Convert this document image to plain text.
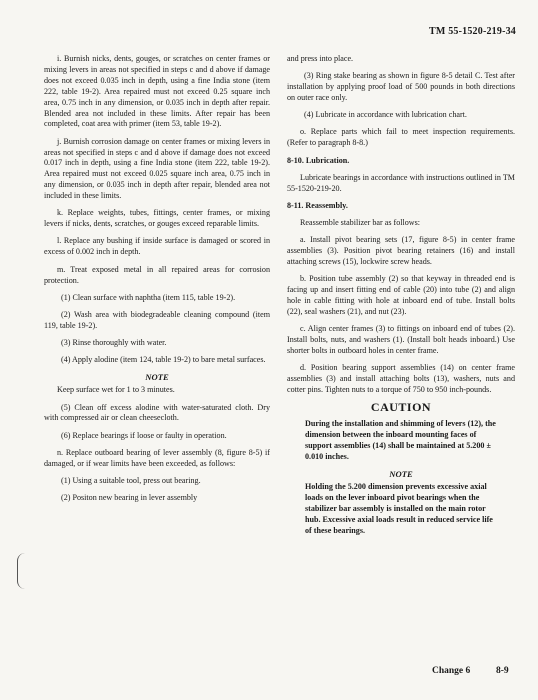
TM 55-1520-219-34

i. Burnish nicks, dents, gouges, or scratches on center frames or mixing levers in areas not specified in steps c and d above if damage does not exceed 0.035 inch in depth, using a fine India stone (item 222, table 19-2). Area repaired must not exceed 0.25 square inch area, 0.75 inch in any dimension, or 0.035 inch in depth after repair. Blended area not included in these limits. After repair has been completed, coat area with primer (item 53, table 19-2).

j. Burnish corrosion damage on center frames or mixing levers in areas not specified in steps c and d above if damage does not exceed 0.017 inch in depth, using a fine India stone (item 222, table 19-2). Area repaired must not exceed 0.025 square inch area, 0.75 inch in any dimension, or 0.035 inch in depth after repair, blended area not included in these limits.

k. Replace weights, tubes, fittings, center frames, or mixing levers if nicks, dents, scratches, or gouges exceed reparable limits.

l. Replace any bushing if inside surface is damaged or scored in excess of 0.002 inch in depth.

m. Treat exposed metal in all repaired areas for corrosion protection.

(1) Clean surface with naphtha (item 115, table 19-2).

(2) Wash area with biodegradeable cleaning compound (item 119, table 19-2).

(3) Rinse thoroughly with water.

(4) Apply alodine (item 124, table 19-2) to bare metal surfaces.

NOTE

Keep surface wet for 1 to 3 minutes.

(5) Clean off excess alodine with water-saturated cloth. Dry with compressed air or clean cheesecloth.

(6) Replace bearings if loose or faulty in operation.

n. Replace outboard bearing of lever assembly (8, figure 8-5) if damaged, or if wear limits have been exceeded, as follows:

(1) Using a suitable tool, press out bearing.

(2) Positon new bearing in lever assembly

and press into place.

(3) Ring stake bearing as shown in figure 8-5 detail C. Test after installation by applying proof load of 500 pounds in both directions on outer race only.

(4) Lubricate in accordance with lubrication chart.

o. Replace parts which fail to meet inspection requirements. (Refer to paragraph 8-8.)

8-10. Lubrication.

Lubricate bearings in accordance with instructions outlined in TM 55-1520-219-20.

8-11. Reassembly.

Reassemble stabilizer bar as follows:

a. Install pivot bearing sets (17, figure 8-5) in center frame assemblies (3). Position pivot bearing retainers (16) and install attaching screws (15), lockwire screw heads.

b. Position tube assembly (2) so that keyway in threaded end is facing up and insert fitting end of cable (20) into tube (2) and align hole in cable fitting with hole at inboard end of tube. Install bolts (22), seal washers (21), and nut (23).

c. Align center frames (3) to fittings on inboard end of tubes (2). Install bolts, nuts, and washers (1). (Install bolt heads inboard.) Use shorter bolts in outboard holes in center frame.

d. Position bearing support assemblies (14) on center frame assemblies (3) and install attaching bolts (13), washers, nuts and cotter pins. Tighten nuts to a torque of 750 to 950 inch-pounds.

CAUTION

During the installation and shimming of levers (12), the dimension between the inboard mounting faces of support assemblies (14) shall be maintained at 5.200 ± 0.010 inches.

NOTE

Holding the 5.200 dimension prevents excessive axial loads on the lever inboard pivot bearings when the stabilizer bar assembly is installed on the main rotor hub. Excessive axial loads result in reduced service life of these bearings.

Change 6	8-9
